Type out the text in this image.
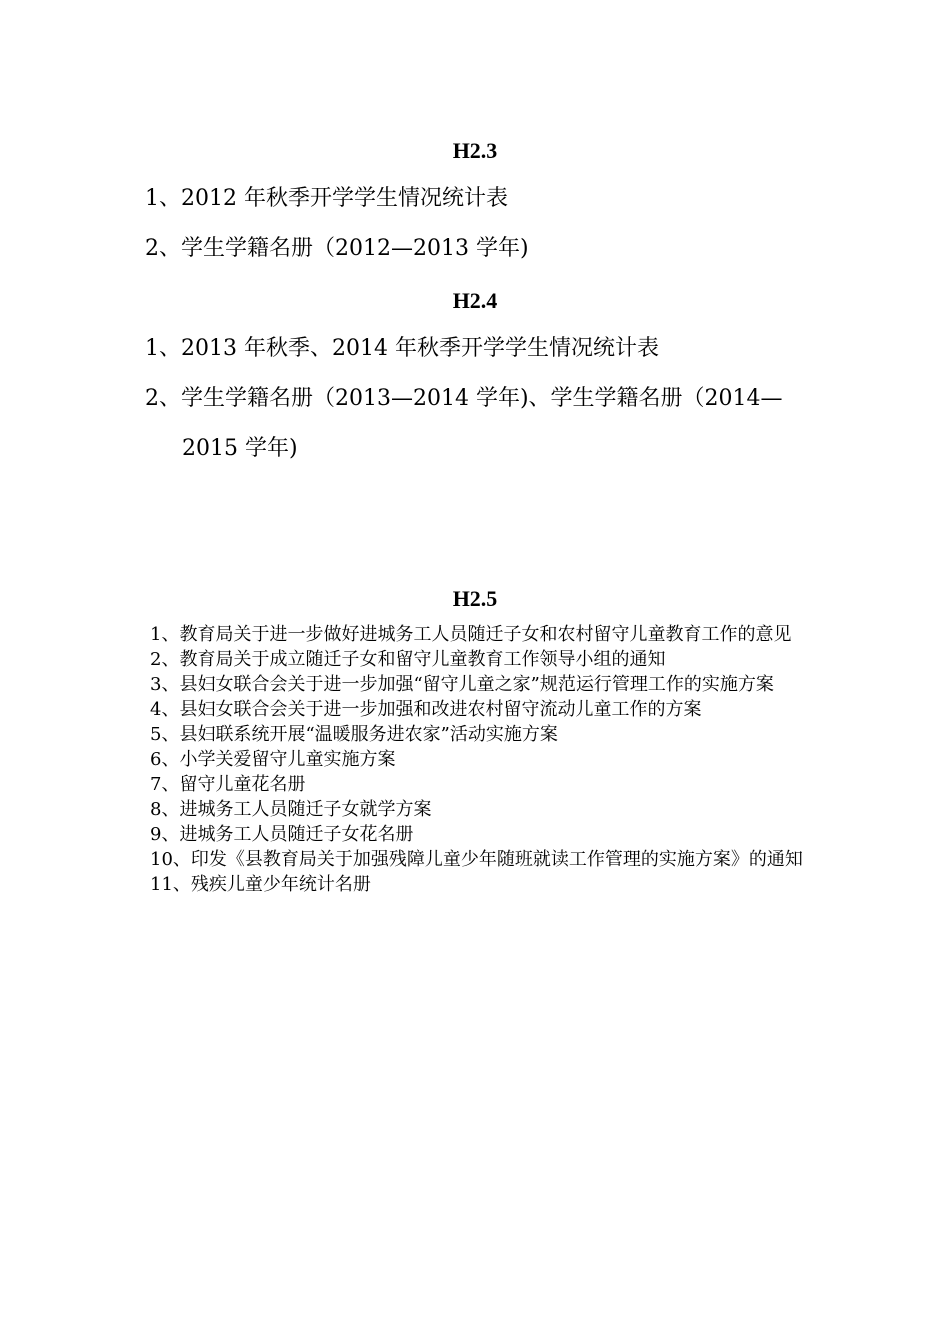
H2.3
1、2012 年秋季开学学生情况统计表
2、学生学籍名册（2012—2013 学年)
H2.4
1、2013 年秋季、2014 年秋季开学学生情况统计表
2、学生学籍名册（2013—2014 学年)、学生学籍名册（2014—
2015 学年)
H2.5
1、教育局关于进一步做好进城务工人员随迁子女和农村留守儿童教育工作的意见
2、教育局关于成立随迁子女和留守儿童教育工作领导小组的通知
3、县妇女联合会关于进一步加强“留守儿童之家”规范运行管理工作的实施方案
4、县妇女联合会关于进一步加强和改进农村留守流动儿童工作的方案
5、县妇联系统开展“温暖服务进农家”活动实施方案
6、小学关爱留守儿童实施方案
7、留守儿童花名册
8、进城务工人员随迁子女就学方案
9、进城务工人员随迁子女花名册
10、印发《县教育局关于加强残障儿童少年随班就读工作管理的实施方案》的通知
11、残疾儿童少年统计名册
